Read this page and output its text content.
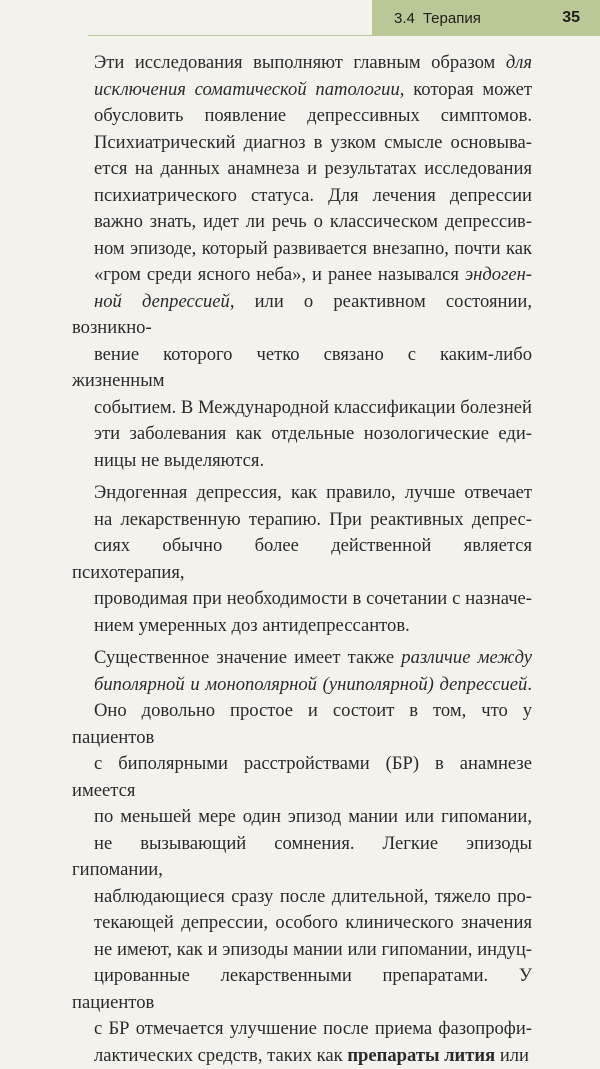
3.4 Терапия	35

Эти исследования выполняют главным образом для
исключения соматической патологии, которая может
обусловить появление депрессивных симптомов.
Психиатрический диагноз в узком смысле основыва-
ется на данных анамнеза и результатах исследования
психиатрического статуса. Для лечения депрессии
важно знать, идет ли речь о классическом депрессив-
ном эпизоде, который развивается внезапно, почти как
«гром среди ясного неба», и ранее назывался эндоген-
ной депрессией, или о реактивном состоянии, возникно-
вение которого четко связано с каким-либо жизненным
событием. В Международной классификации болезней
эти заболевания как отдельные нозологические еди-
ницы не выделяются.

Эндогенная депрессия, как правило, лучше отвечает
на лекарственную терапию. При реактивных депрес-
сиях обычно более действенной является психотерапия,
проводимая при необходимости в сочетании с назначе-
нием умеренных доз антидепрессантов.

Существенное значение имеет также различие между
биполярной и монополярной (униполярной) депрессией.
Оно довольно простое и состоит в том, что у пациентов
с биполярными расстройствами (БР) в анамнезе имеется
по меньшей мере один эпизод мании или гипомании,
не вызывающий сомнения. Легкие эпизоды гипомании,
наблюдающиеся сразу после длительной, тяжело про-
текающей депрессии, особого клинического значения
не имеют, как и эпизоды мании или гипомании, индуц-
цированные лекарственными препаратами. У пациентов
с БР отмечается улучшение после приема фазопрофи-
лактических средств, таких как препараты лития или
